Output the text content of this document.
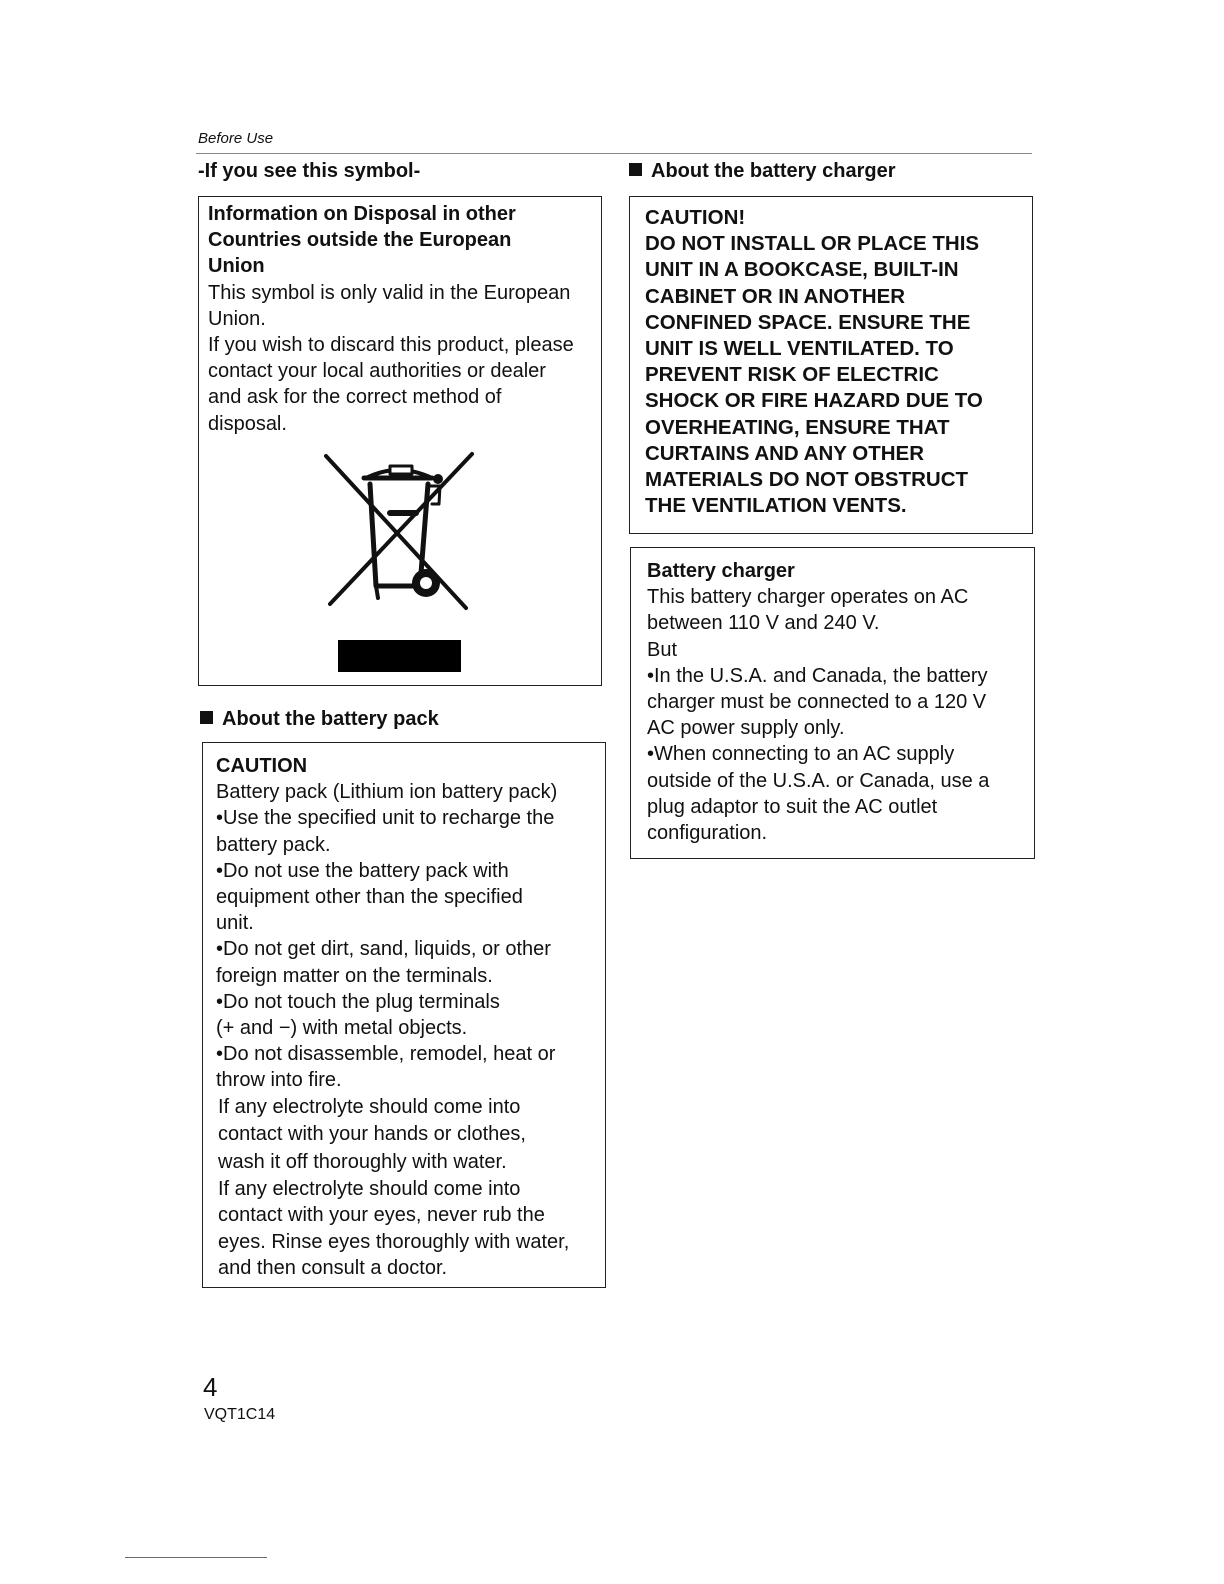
Before Use
-If you see this symbol-
Information on Disposal in other
Countries outside the European
Union
This symbol is only valid in the European
Union.
If you wish to discard this product, please
contact your local authorities or dealer
and ask for the correct method of
disposal.
About the battery pack
CAUTION
Battery pack (Lithium ion battery pack)
•Use the specified unit to recharge the
battery pack.
•Do not use the battery pack with
equipment other than the specified
unit.
•Do not get dirt, sand, liquids, or other
foreign matter on the terminals.
•Do not touch the plug terminals
(+ and −) with metal objects.
•Do not disassemble, remodel, heat or
throw into fire.
If any electrolyte should come into
contact with your hands or clothes,
wash it off thoroughly with water.
If any electrolyte should come into
contact with your eyes, never rub the
eyes. Rinse eyes thoroughly with water,
and then consult a doctor.
About the battery charger
CAUTION!
DO NOT INSTALL OR PLACE THIS
UNIT IN A BOOKCASE, BUILT-IN
CABINET OR IN ANOTHER
CONFINED SPACE. ENSURE THE
UNIT IS WELL VENTILATED. TO
PREVENT RISK OF ELECTRIC
SHOCK OR FIRE HAZARD DUE TO
OVERHEATING, ENSURE THAT
CURTAINS AND ANY OTHER
MATERIALS DO NOT OBSTRUCT
THE VENTILATION VENTS.
Battery charger
This battery charger operates on AC
between 110 V and 240 V.
But
•In the U.S.A. and Canada, the battery
charger must be connected to a 120 V
AC power supply only.
•When connecting to an AC supply
outside of the U.S.A. or Canada, use a
plug adaptor to suit the AC outlet
configuration.
4
VQT1C14
